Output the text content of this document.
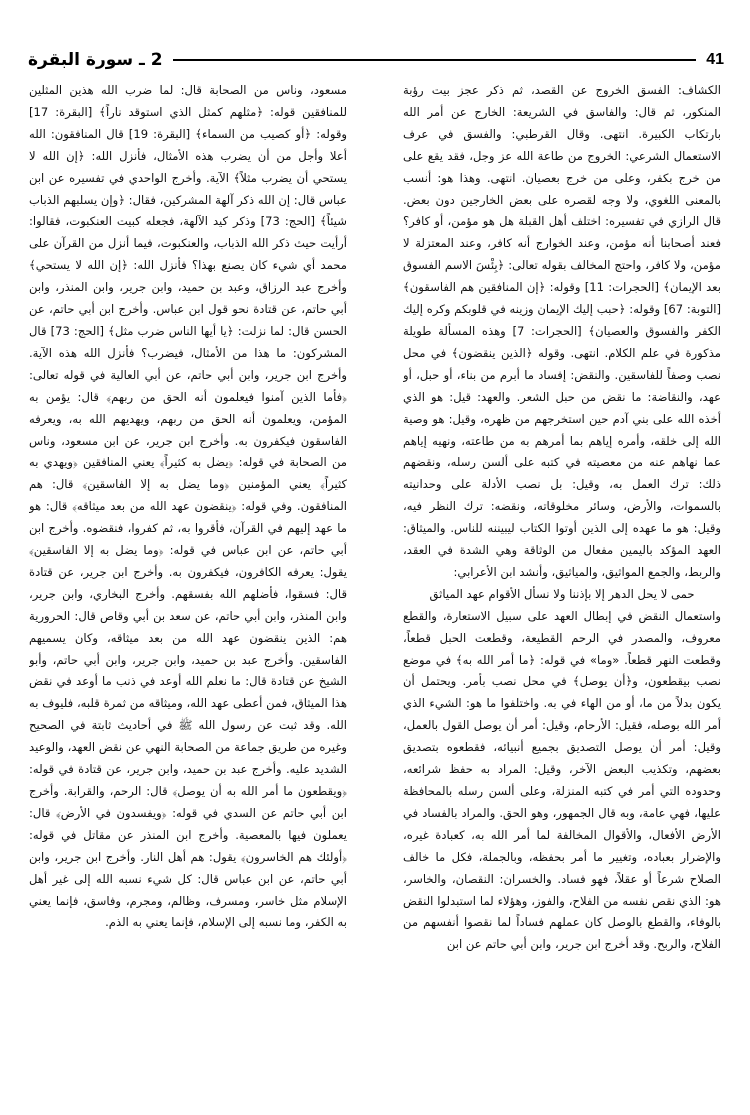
2 ـ سورة البقرة	41

الكشاف: الفسق الخروج عن القصد، ثم ذكر عجز بيت رؤبة المنكور، ثم قال: والفاسق في الشريعة: الخارج عن أمر الله بارتكاب الكبيرة. انتهى. وقال القرطبي: والفسق في عرف الاستعمال الشرعي: الخروج من طاعة الله عز وجل، فقد يقع على من خرج بكفر، وعلى من خرج بعصيان. انتهى. وهذا هو: أنسب بالمعنى اللغوي، ولا وجه لقصره على بعض الخارجين دون بعض. قال الرازي في تفسيره: اختلف أهل القبلة هل هو مؤمن، أو كافر؟ فعند أصحابنا أنه مؤمن، وعند الخوارج أنه كافر، وعند المعتزلة لا مؤمن، ولا كافر، واحتج المخالف بقوله تعالى: ﴿بِئْسَ الاسم الفسوق بعد الإيمان﴾ [الحجرات: 11] وقوله: ﴿إن المنافقين هم الفاسقون﴾ [التوبة: 67] وقوله: ﴿حبب إليك الإيمان وزينه في قلوبكم وكره إليك الكفر والفسوق والعصيان﴾ [الحجرات: 7] وهذه المسألة طويلة مذكورة في علم الكلام. انتهى. وقوله ﴿الذين ينقضون﴾ في محل نصب وصفاً للفاسقين. والنقض: إفساد ما أبرم من بناء، أو حبل، أو عهد، والنقاضة: ما نقض من حبل الشعر. والعهد: قيل: هو الذي أخذه الله على بني آدم حين استخرجهم من ظهره، وقيل: هو وصية الله إلى خلقه، وأمره إياهم بما أمرهم به من طاعته، ونهيه إياهم عما نهاهم عنه من معصيته في كتبه على ألسن رسله، ونقضهم ذلك: ترك العمل به، وقيل: بل نصب الأدلة على وحدانيته بالسموات، والأرض، وسائر مخلوقاته، ونقضه: ترك النظر فيه، وقيل: هو ما عهده إلى الذين أوتوا الكتاب ليبيننه للناس. والميثاق: العهد المؤكد باليمين مفعال من الوثاقة وهي الشدة في العقد، والربط، والجمع المواثيق، والمياثيق، وأنشد ابن الأعرابي:

حمى لا يحل الدهر إلا بإذننا ولا نسأل الأقوام عهد المياثق

واستعمال النقض في إبطال العهد على سبيل الاستعارة، والقطع معروف، والمصدر في الرحم القطيعة، وقطعت الحبل قطعاً، وقطعت النهر قطعاً. «وما» في قوله: ﴿ما أمر الله به﴾ في موضع نصب بيقطعون، و﴿أن يوصل﴾ في محل نصب بأمر. ويحتمل أن يكون بدلاً من ما، أو من الهاء في به. واختلفوا ما هو: الشيء الذي أمر الله بوصله، فقيل: الأرحام، وقيل: أمر أن يوصل القول بالعمل، وقيل: أمر أن يوصل التصديق بجميع أنبيائه، فقطعوه بتصديق بعضهم، وتكذيب البعض الآخر، وقيل: المراد به حفظ شرائعه، وحدوده التي أمر في كتبه المنزلة، وعلى ألسن رسله بالمحافظة عليها، فهي عامة، وبه قال الجمهور، وهو الحق. والمراد بالفساد في الأرض الأفعال، والأقوال المخالفة لما أمر الله به، كعبادة غيره، والإضرار بعباده، وتغيير ما أمر بحفظه، وبالجملة، فكل ما خالف الصلاح شرعاً أو عقلاً، فهو فساد. والخسران: النقصان، والخاسر، هو: الذي نقص نفسه من الفلاح، والفوز، وهؤلاء لما استبدلوا النقض بالوفاء، والقطع بالوصل كان عملهم فساداً لما نقصوا أنفسهم من الفلاح، والربح. وقد أخرج ابن جرير، وابن أبي حاتم عن ابن

مسعود، وناس من الصحابة قال: لما ضرب الله هذين المثلين للمنافقين قوله: ﴿مثلهم كمثل الذي استوقد ناراً﴾ [البقرة: 17] وقوله: ﴿أو كصيب من السماء﴾ [البقرة: 19] قال المنافقون: الله أعلا وأجل من أن يضرب هذه الأمثال، فأنزل الله: ﴿إن الله لا يستحي أن يضرب مثلاً﴾ الآية. وأخرج الواحدي في تفسيره عن ابن عباس قال: إن الله ذكر آلهة المشركين، فقال: ﴿وإن يسلبهم الذباب شيئاً﴾ [الحج: 73] وذكر كيد الآلهة، فجعله كبيت العنكبوت، فقالوا: أرأيت حيث ذكر الله الذباب، والعنكبوت، فيما أنزل من القرآن على محمد أي شيء كان يصنع بهذا؟ فأنزل الله: ﴿إن الله لا يستحي﴾ وأخرج عبد الرزاق، وعبد بن حميد، وابن جرير، وابن المنذر، وابن أبي حاتم، عن قتادة نحو قول ابن عباس. وأخرج ابن أبي حاتم، عن الحسن قال: لما نزلت: ﴿يا أيها الناس ضرب مثل﴾ [الحج: 73] قال المشركون: ما هذا من الأمثال، فيضرب؟ فأنزل الله هذه الآية. وأخرج ابن جرير، وابن أبي حاتم، عن أبي العالية في قوله تعالى: ﴿فأما الذين آمنوا فيعلمون أنه الحق من ربهم﴾ قال: يؤمن به المؤمن، ويعلمون أنه الحق من ربهم، ويهديهم الله به، ويعرفه الفاسقون فيكفرون به. وأخرج ابن جرير، عن ابن مسعود، وناس من الصحابة في قوله: ﴿يضل به كثيراً﴾ يعني المنافقين ﴿ويهدي به كثيراً﴾ يعني المؤمنين ﴿وما يضل به إلا الفاسقين﴾ قال: هم المنافقون. وفي قوله: ﴿ينقضون عهد الله من بعد ميثاقه﴾ قال: هو ما عهد إليهم في القرآن، فأقروا به، ثم كفروا، فنقضوه. وأخرج ابن أبي حاتم، عن ابن عباس في قوله: ﴿وما يضل به إلا الفاسقين﴾ يقول: يعرفه الكافرون، فيكفرون به. وأخرج ابن جرير، عن قتادة قال: فسقوا، فأضلهم الله بفسقهم. وأخرج البخاري، وابن جرير، وابن المنذر، وابن أبي حاتم، عن سعد بن أبي وقاص قال: الحرورية هم: الذين ينقضون عهد الله من بعد ميثاقه، وكان يسميهم الفاسقين. وأخرج عبد بن حميد، وابن جرير، وابن أبي حاتم، وأبو الشيخ عن قتادة قال: ما نعلم الله أوعد في ذنب ما أوعد في نقض هذا الميثاق، فمن أعطى عهد الله، وميثاقه من ثمرة قلبه، فليوف به الله. وقد ثبت عن رسول الله ﷺ في أحاديث ثابتة في الصحيح وغيره من طريق جماعة من الصحابة النهي عن نقض العهد، والوعيد الشديد عليه. وأخرج عبد بن حميد، وابن جرير، عن قتادة في قوله: ﴿ويقطعون ما أمر الله به أن يوصل﴾ قال: الرحم، والقرابة. وأخرج ابن أبي حاتم عن السدي في قوله: ﴿ويفسدون في الأرض﴾ قال: يعملون فيها بالمعصية. وأخرج ابن المنذر عن مقاتل في قوله: ﴿أولئك هم الخاسرون﴾ يقول: هم أهل النار. وأخرج ابن جرير، وابن أبي حاتم، عن ابن عباس قال: كل شيء نسبه الله إلى غير أهل الإسلام مثل خاسر، ومسرف، وظالم، ومجرم، وفاسق، فإنما يعني به الكفر، وما نسبه إلى الإسلام، فإنما يعني به الذم.
